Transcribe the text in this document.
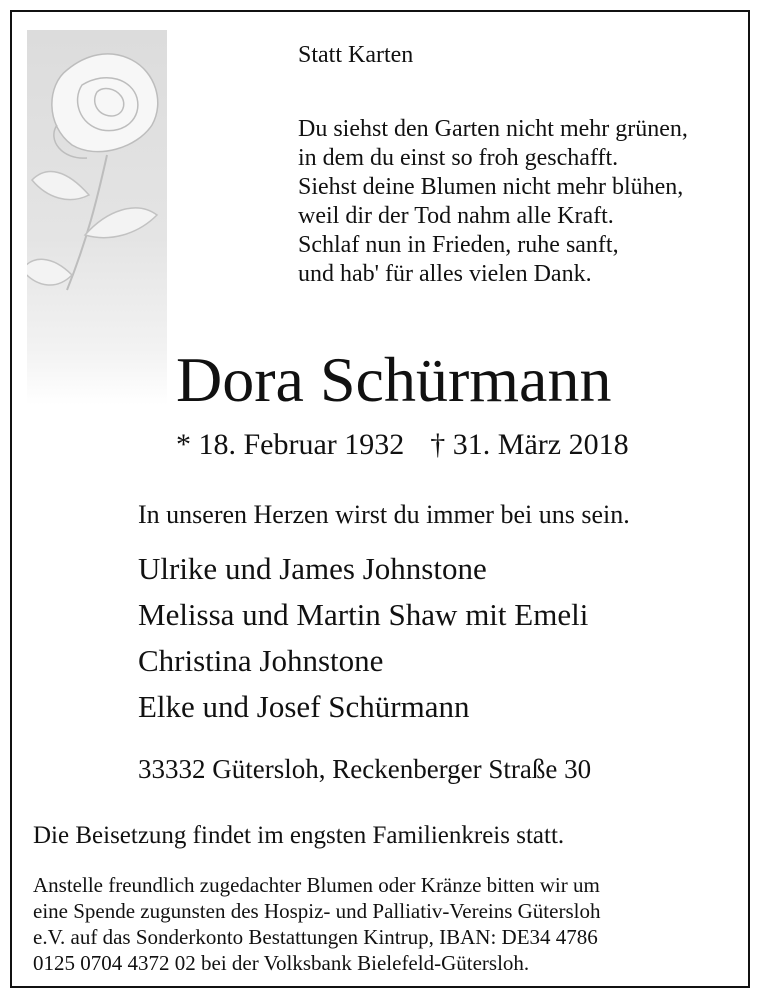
Statt Karten
Du siehst den Garten nicht mehr grünen,
in dem du einst so froh geschafft.
Siehst deine Blumen nicht mehr blühen,
weil dir der Tod nahm alle Kraft.
Schlaf nun in Frieden, ruhe sanft,
und hab' für alles vielen Dank.
Dora Schürmann
* 18. Februar 1932 † 31. März 2018
In unseren Herzen wirst du immer bei uns sein.
Ulrike und James Johnstone
Melissa und Martin Shaw mit Emeli
Christina Johnstone
Elke und Josef Schürmann
33332 Gütersloh, Reckenberger Straße 30
Die Beisetzung findet im engsten Familienkreis statt.
Anstelle freundlich zugedachter Blumen oder Kränze bitten wir um
eine Spende zugunsten des Hospiz- und Palliativ-Vereins Gütersloh
e.V. auf das Sonderkonto Bestattungen Kintrup, IBAN: DE34 4786
0125 0704 4372 02 bei der Volksbank Bielefeld-Gütersloh.
